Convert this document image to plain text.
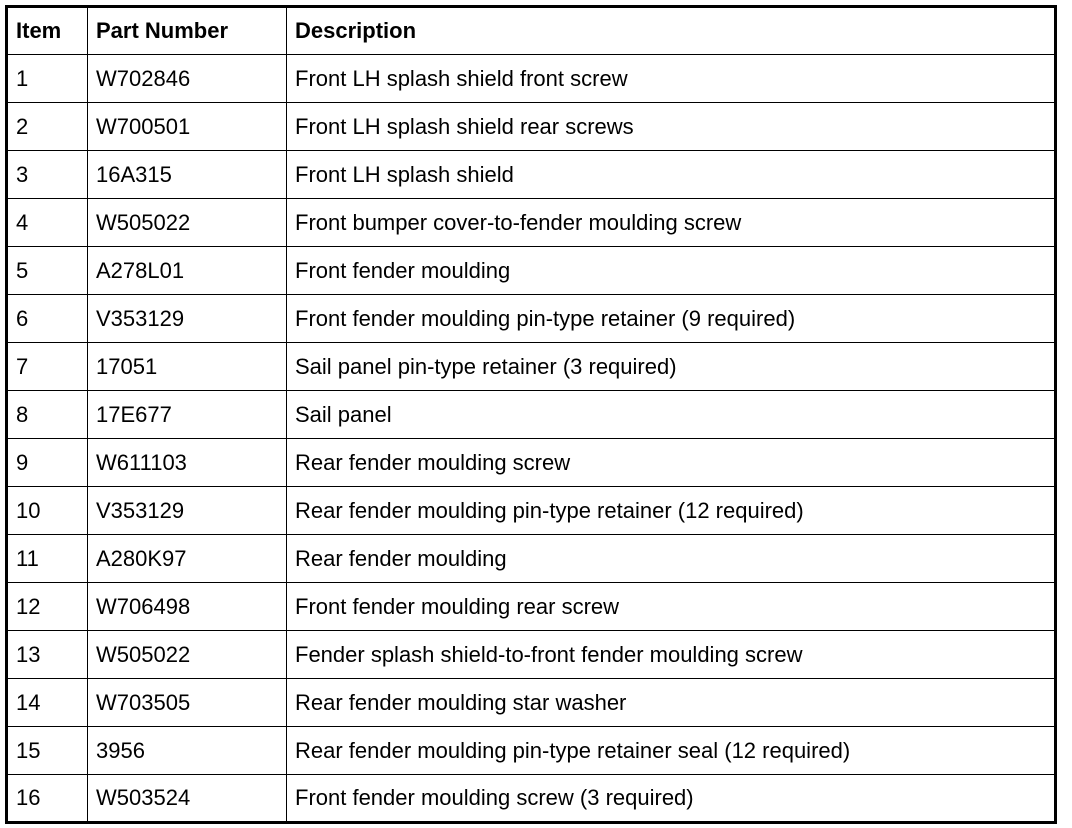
Item	Part Number	Description
1	W702846	Front LH splash shield front screw
2	W700501	Front LH splash shield rear screws
3	16A315	Front LH splash shield
4	W505022	Front bumper cover-to-fender moulding screw
5	A278L01	Front fender moulding
6	V353129	Front fender moulding pin-type retainer (9 required)
7	17051	Sail panel pin-type retainer (3 required)
8	17E677	Sail panel
9	W611103	Rear fender moulding screw
10	V353129	Rear fender moulding pin-type retainer (12 required)
11	A280K97	Rear fender moulding
12	W706498	Front fender moulding rear screw
13	W505022	Fender splash shield-to-front fender moulding screw
14	W703505	Rear fender moulding star washer
15	3956	Rear fender moulding pin-type retainer seal (12 required)
16	W503524	Front fender moulding screw (3 required)
